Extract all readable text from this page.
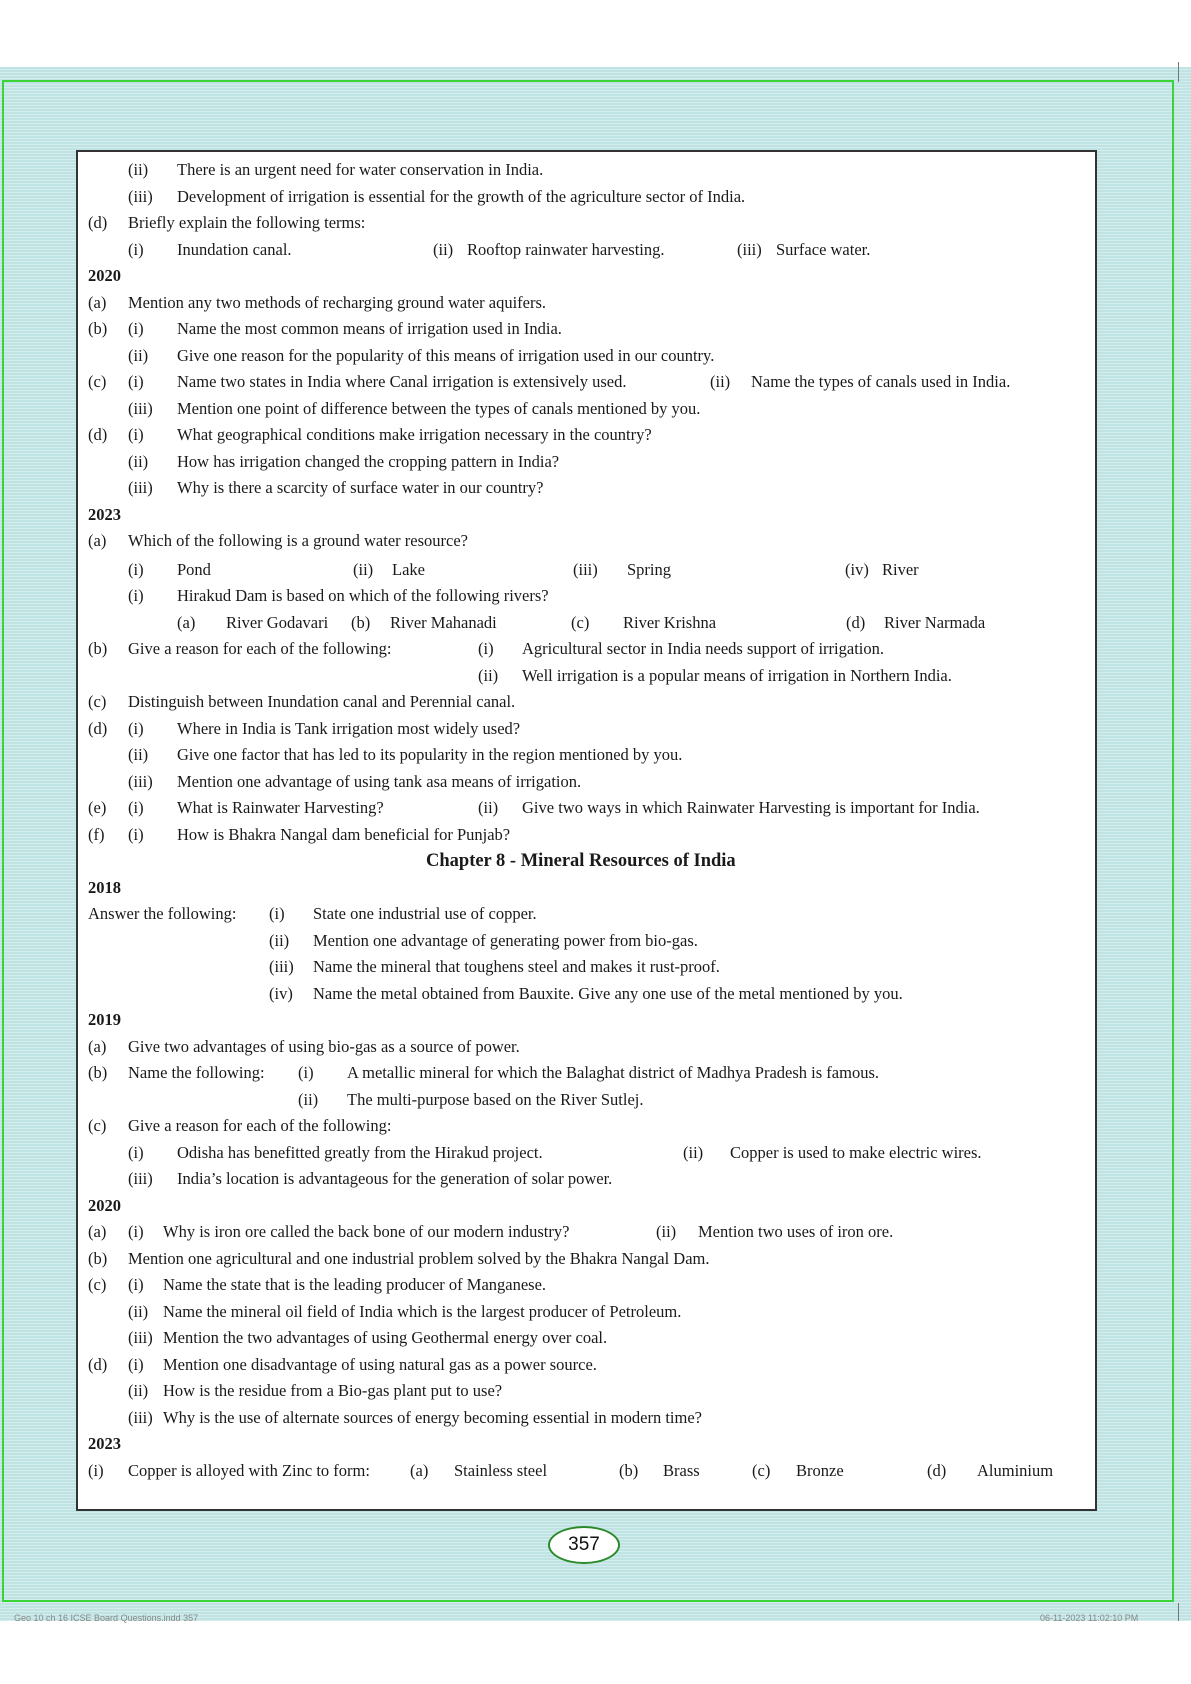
(ii) There is an urgent need for water conservation in India.
(iii) Development of irrigation is essential for the growth of the agriculture sector of India.
(d) Briefly explain the following terms:
(i) Inundation canal.	(ii) Rooftop rainwater harvesting.	(iii) Surface water.
2020
(a) Mention any two methods of recharging ground water aquifers.
(b) (i) Name the most common means of irrigation used in India.
(ii) Give one reason for the popularity of this means of irrigation used in our country.
(c) (i) Name two states in India where Canal irrigation is extensively used.	(ii) Name the types of canals used in India.
(iii) Mention one point of difference between the types of canals mentioned by you.
(d) (i) What geographical conditions make irrigation necessary in the country?
(ii) How has irrigation changed the cropping pattern in India?
(iii) Why is there a scarcity of surface water in our country?
2023
(a) Which of the following is a ground water resource?
(i) Pond	(ii) Lake	(iii) Spring	(iv) River
(i) Hirakud Dam is based on which of the following rivers?
(a) River Godavari (b) River Mahanadi	(c) River Krishna	(d) River Narmada
(b) Give a reason for each of the following:	(i) Agricultural sector in India needs support of irrigation.
(ii) Well irrigation is a popular means of irrigation in Northern India.
(c) Distinguish between Inundation canal and Perennial canal.
(d) (i) Where in India is Tank irrigation most widely used?
(ii) Give one factor that has led to its popularity in the region mentioned by you.
(iii) Mention one advantage of using tank asa means of irrigation.
(e) (i) What is Rainwater Harvesting?	(ii) Give two ways in which Rainwater Harvesting is important for India.
(f) (i) How is Bhakra Nangal dam beneficial for Punjab?
Chapter 8 - Mineral Resources of India
2018
Answer the following: (i) State one industrial use of copper.
(ii) Mention one advantage of generating power from bio-gas.
(iii) Name the mineral that toughens steel and makes it rust-proof.
(iv) Name the metal obtained from Bauxite. Give any one use of the metal mentioned by you.
2019
(a) Give two advantages of using bio-gas as a source of power.
(b) Name the following: (i) A metallic mineral for which the Balaghat district of Madhya Pradesh is famous.
(ii) The multi-purpose based on the River Sutlej.
(c) Give a reason for each of the following:
(i) Odisha has benefitted greatly from the Hirakud project.	(ii) Copper is used to make electric wires.
(iii) India’s location is advantageous for the generation of solar power.
2020
(a) (i) Why is iron ore called the back bone of our modern industry?	(ii) Mention two uses of iron ore.
(b) Mention one agricultural and one industrial problem solved by the Bhakra Nangal Dam.
(c) (i) Name the state that is the leading producer of Manganese.
(ii) Name the mineral oil field of India which is the largest producer of Petroleum.
(iii) Mention the two advantages of using Geothermal energy over coal.
(d) (i) Mention one disadvantage of using natural gas as a power source.
(ii) How is the residue from a Bio-gas plant put to use?
(iii) Why is the use of alternate sources of energy becoming essential in modern time?
2023
(i) Copper is alloyed with Zinc to form: (a) Stainless steel	(b) Brass	(c) Bronze	(d) Aluminium
357
Geo 10 ch 16 ICSE Board Questions.indd 357	06-11-2023 11:02:10 PM
